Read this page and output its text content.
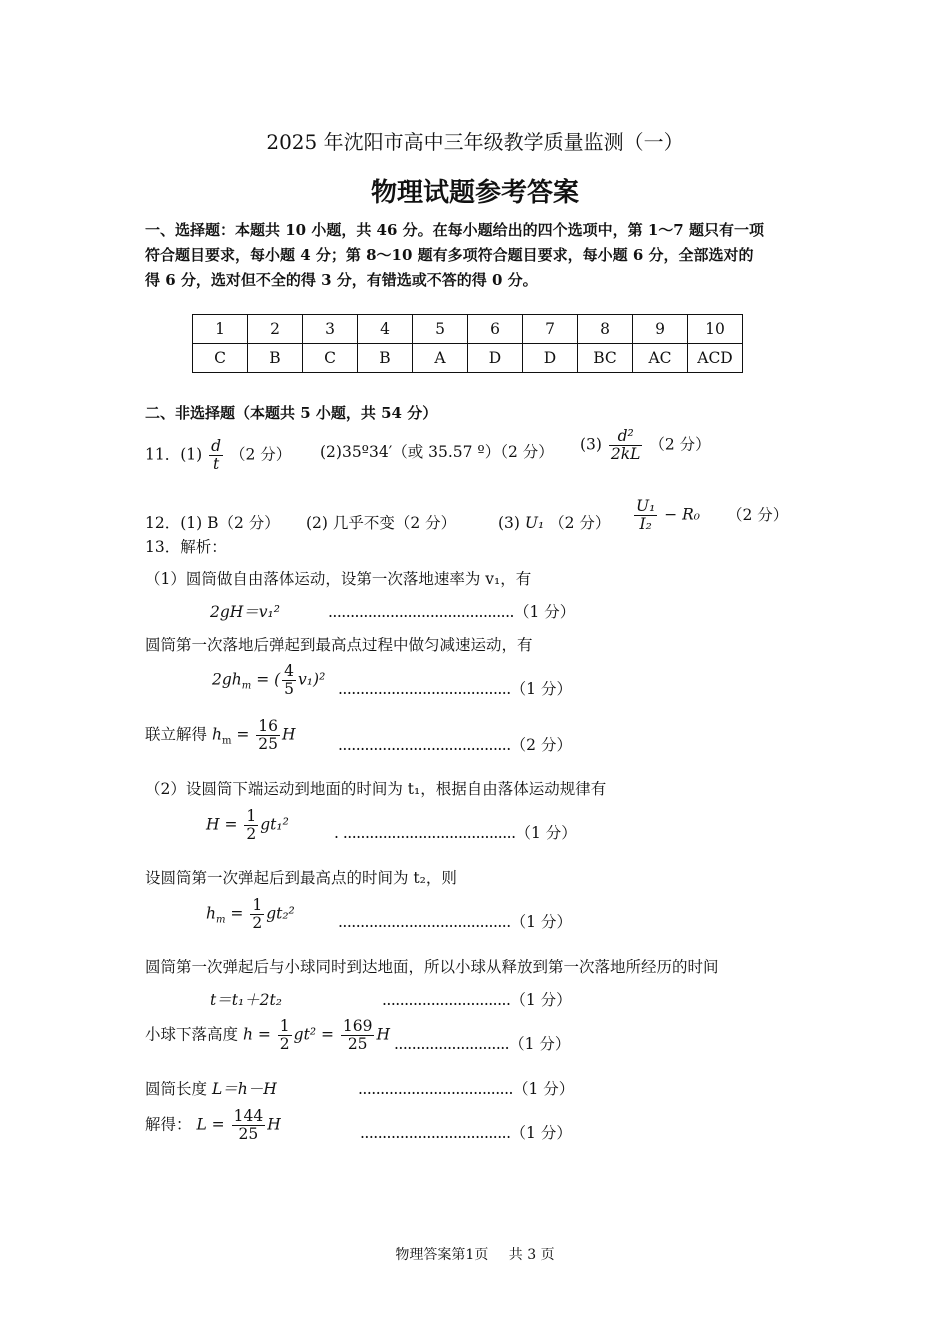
2025 年沈阳市高中三年级教学质量监测（一）
物理试题参考答案
一、选择题：本题共 10 小题，共 46 分。在每小题给出的四个选项中，第 1～7 题只有一项
符合题目要求，每小题 4 分；第 8～10 题有多项符合题目要求，每小题 6 分，全部选对的
得 6 分，选对但不全的得 3 分，有错选或不答的得 0 分。
1	2	3	4	5	6	7	8	9	10
C	B	C	B	A	D	D	BC	AC	ACD
二、非选择题（本题共 5 小题，共 54 分）
11．$(1) \frac{d}{t} (2$ 分） (2)35º34′（或 35.57 º）（2 分） $(3) \frac{\text{d²}}{2kL} (2$ 分）
12．(1) B（2 分） (2) 几乎不变（2 分）	(3) U₁ （2 分） $\frac{\text{U₁}}{\text{I₂}} - R_0$ （2 分）
13．解析：
（1）圆筒做自由落体运动，设第一次落地速率为 v₁，有
2gH＝v₁²	..........................................（1 分）
圆筒第一次落地后弹起到最高点过程中做匀减速运动，有
$2gh_m$ = ( $\frac{4}{5} v_1)^2$
.......................................（1 分）
联立解得 $h_m = \frac{16}{25}$ H
.......................................（2 分）
（2）设圆筒下端运动到地面的时间为 t₁，根据自由落体运动规律有
$H = \frac{1}{2} gt_1^2$	. .......................................（1 分）
设圆筒第一次弹起后到最高点的时间为 t₂，则
$h_m = \frac{1}{2} gt_2^2$	.......................................（1 分）
圆筒第一次弹起后与小球同时到达地面，所以小球从释放到第一次落地所经历的时间
t＝t₁＋2t₂	.............................（1 分）
小球下落高度 $h = \frac{1}{2} gt^2 = \frac{169}{25}$ H
..........................（1 分）
圆筒长度 L＝h－H	...................................（1 分）
解得： $L = \frac{144}{25}$ H	..................................（1 分）
物理答案第1页 共 3 页
